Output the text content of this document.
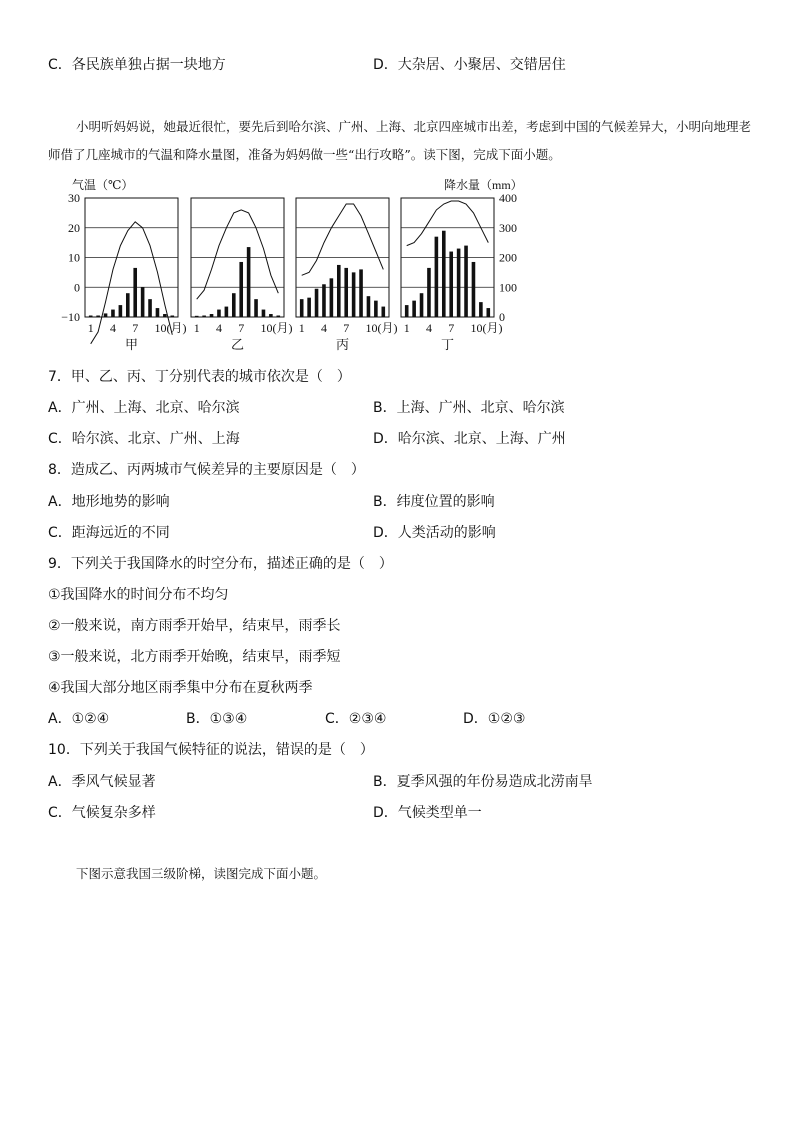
C．各民族单独占据一块地方	D．大杂居、小聚居、交错居住
小明听妈妈说，她最近很忙，要先后到哈尔滨、广州、上海、北京四座城市出差，考虑到中国的气候差异大，小明向地理老师借了几座城市的气温和降水量图，准备为妈妈做一些“出行攻略”。读下图，完成下面小题。
气温（℃）	降水量（mm）
30
20
10
0
−10
400
300
200
100
0
1 4 7 10(月)
甲
1 4 7 10(月)
乙
1 4 7 10(月)
丙
1 4 7 10(月)
丁
7．甲、乙、丙、丁分别代表的城市依次是（　）
A．广州、上海、北京、哈尔滨	B．上海、广州、北京、哈尔滨
C．哈尔滨、北京、广州、上海	D．哈尔滨、北京、上海、广州
8．造成乙、丙两城市气候差异的主要原因是（　）
A．地形地势的影响	B．纬度位置的影响
C．距海远近的不同	D．人类活动的影响
9．下列关于我国降水的时空分布，描述正确的是（　）
①我国降水的时间分布不均匀
②一般来说，南方雨季开始早，结束早，雨季长
③一般来说，北方雨季开始晚，结束早，雨季短
④我国大部分地区雨季集中分布在夏秋两季
A．①②④	B．①③④	C．②③④	D．①②③
10．下列关于我国气候特征的说法，错误的是（　）
A．季风气候显著	B．夏季风强的年份易造成北涝南旱
C．气候复杂多样	D．气候类型单一
下图示意我国三级阶梯，读图完成下面小题。
